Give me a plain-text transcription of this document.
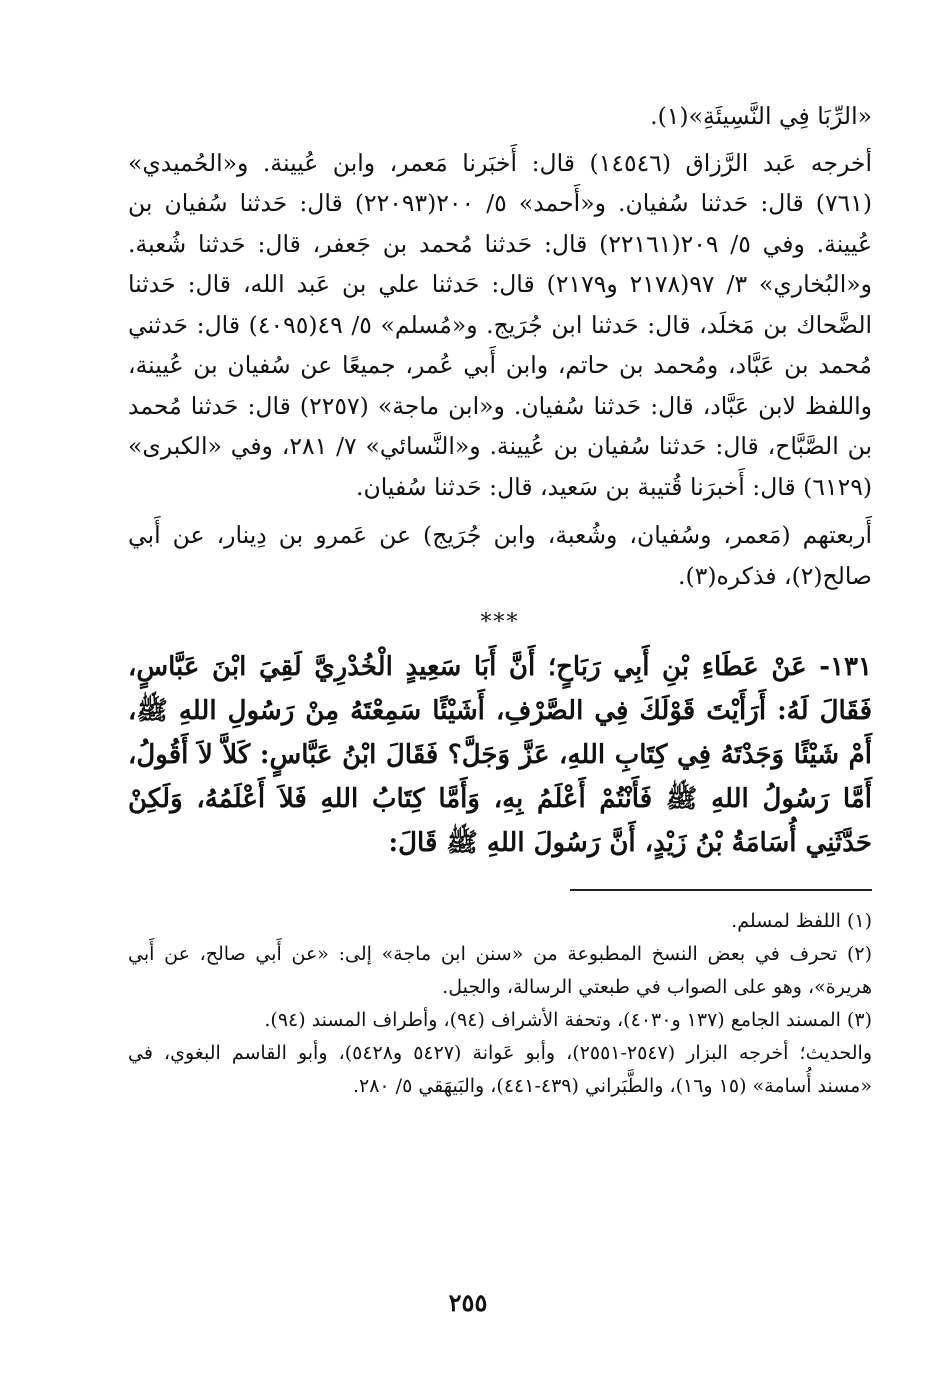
«الرِّبَا فِي النَّسِيئَةِ»(١).

أخرجه عَبد الرَّزاق (١٤٥٤٦) قال: أَخبَرنا مَعمر، وابن عُيينة. و«الحُميدي» (٧٦١) قال: حَدثنا سُفيان. و«أَحمد» ٥/ ٢٠٠(٢٢٠٩٣) قال: حَدثنا سُفيان بن عُيينة. وفي ٥/ ٢٠٩(٢٢١٦١) قال: حَدثنا مُحمد بن جَعفر، قال: حَدثنا شُعبة. و«البُخاري» ٣/ ٩٧(٢١٧٨ و٢١٧٩) قال: حَدثنا علي بن عَبد الله، قال: حَدثنا الضَّحاك بن مَخلَد، قال: حَدثنا ابن جُرَيج. و«مُسلم» ٥/ ٤٩(٤٠٩٥) قال: حَدثني مُحمد بن عَبَّاد، ومُحمد بن حاتم، وابن أَبي عُمر، جميعًا عن سُفيان بن عُيينة، واللفظ لابن عَبَّاد، قال: حَدثنا سُفيان. و«ابن ماجة» (٢٢٥٧) قال: حَدثنا مُحمد بن الصَّبَّاح، قال: حَدثنا سُفيان بن عُيينة. و«النَّسائي» ٧/ ٢٨١، وفي «الكبرى» (٦١٢٩) قال: أَخبرَنا قُتيبة بن سَعيد، قال: حَدثنا سُفيان.

أَربعتهم (مَعمر، وسُفيان، وشُعبة، وابن جُرَيج) عن عَمرو بن دِينار، عن أَبي صالح(٢)، فذكره(٣).

***

١٣١- عَنْ عَطَاءِ بْنِ أَبِي رَبَاحٍ؛ أَنَّ أَبَا سَعِيدٍ الْخُدْرِيَّ لَقِيَ ابْنَ عَبَّاسٍ، فَقَالَ لَهُ: أَرَأَيْتَ قَوْلَكَ فِي الصَّرْفِ، أَشَيْئًا سَمِعْتَهُ مِنْ رَسُولِ اللهِ ﷺ، أَمْ شَيْئًا وَجَدْتَهُ فِي كِتَابِ اللهِ، عَزَّ وَجَلَّ؟ فَقَالَ ابْنُ عَبَّاسٍ: كَلاَّ لاَ أَقُولُ، أَمَّا رَسُولُ اللهِ ﷺ فَأَنْتُمْ أَعْلَمُ بِهِ، وَأَمَّا كِتَابُ اللهِ فَلاَ أَعْلَمُهُ، وَلَكِنْ حَدَّثَنِي أُسَامَةُ بْنُ زَيْدٍ، أَنَّ رَسُولَ اللهِ ﷺ قَالَ:

(١) اللفظ لمسلم.

(٢) تحرف في بعض النسخ المطبوعة من «سنن ابن ماجة» إلى: «عن أَبي صالح، عن أَبي هريرة»، وهو على الصواب في طبعتي الرسالة، والجيل.

(٣) المسند الجامع (١٣٧ و٤٠٣٠)، وتحفة الأشراف (٩٤)، وأطراف المسند (٩٤).

والحديث؛ أخرجه البزار (٢٥٤٧-٢٥٥١)، وأبو عَوانة (٥٤٢٧ و٥٤٢٨)، وأبو القاسم البغوي، في «مسند أُسامة» (١٥ و١٦)، والطَّبَراني (٤٣٩-٤٤١)، والبَيهَقي ٥/ ٢٨٠.

٢٥٥
